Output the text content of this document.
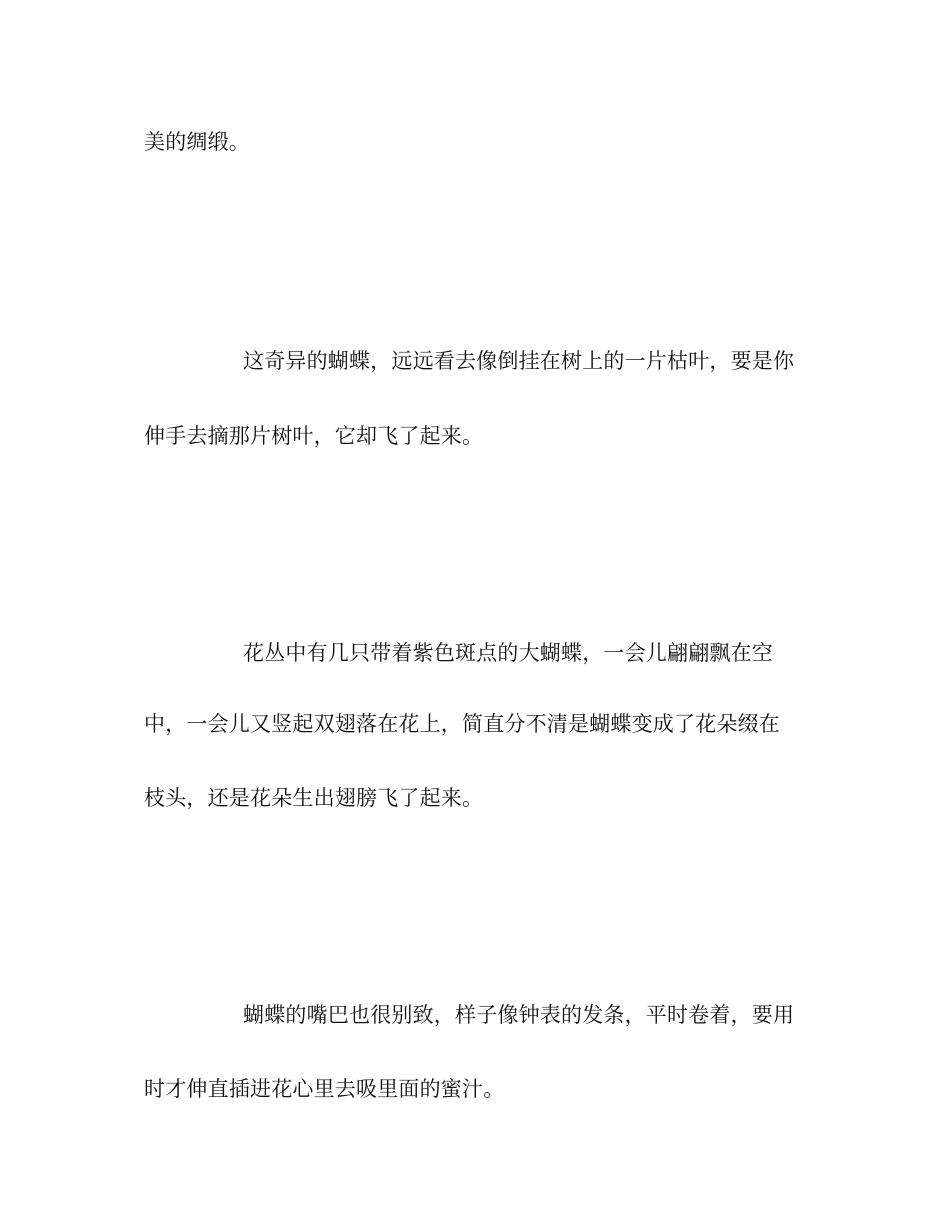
美的绸缎。
这奇异的蝴蝶，远远看去像倒挂在树上的一片枯叶，要是你
伸手去摘那片树叶，它却飞了起来。
花丛中有几只带着紫色斑点的大蝴蝶，一会儿翩翩飘在空
中，一会儿又竖起双翅落在花上，简直分不清是蝴蝶变成了花朵缀在
枝头，还是花朵生出翅膀飞了起来。
蝴蝶的嘴巴也很别致，样子像钟表的发条，平时卷着，要用
时才伸直插进花心里去吸里面的蜜汁。
